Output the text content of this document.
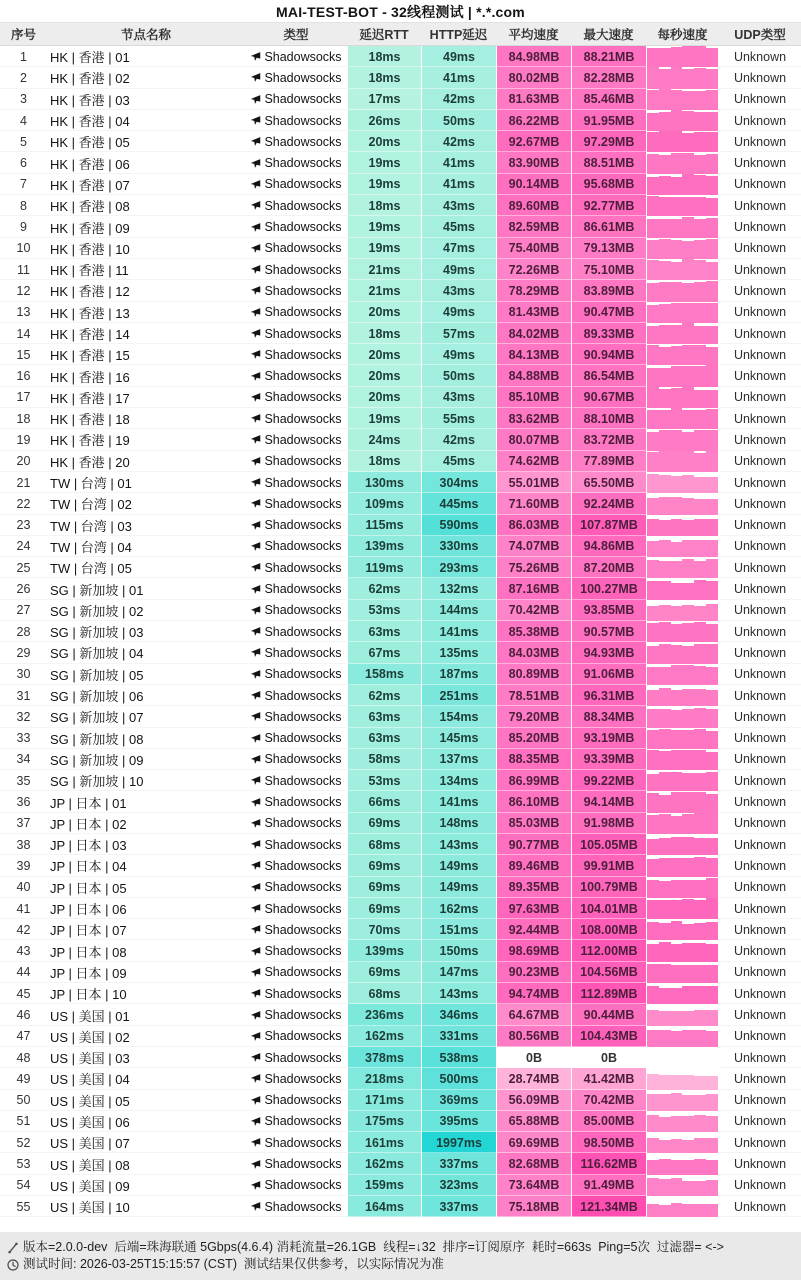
MAI-TEST-BOT - 32线程测试 | *.*.com
序号	节点名称	类型	延迟RTT	HTTP延迟	平均速度	最大速度	每秒速度	UDP类型
1	HK | 香港 | 01	Shadowsocks	18ms	49ms	84.98MB	88.21MB	Unknown
2	HK | 香港 | 02	Shadowsocks	18ms	41ms	80.02MB	82.28MB	Unknown
3	HK | 香港 | 03	Shadowsocks	17ms	42ms	81.63MB	85.46MB	Unknown
4	HK | 香港 | 04	Shadowsocks	26ms	50ms	86.22MB	91.95MB	Unknown
5	HK | 香港 | 05	Shadowsocks	20ms	42ms	92.67MB	97.29MB	Unknown
6	HK | 香港 | 06	Shadowsocks	19ms	41ms	83.90MB	88.51MB	Unknown
7	HK | 香港 | 07	Shadowsocks	19ms	41ms	90.14MB	95.68MB	Unknown
8	HK | 香港 | 08	Shadowsocks	18ms	43ms	89.60MB	92.77MB	Unknown
9	HK | 香港 | 09	Shadowsocks	19ms	45ms	82.59MB	86.61MB	Unknown
10	HK | 香港 | 10	Shadowsocks	19ms	47ms	75.40MB	79.13MB	Unknown
11	HK | 香港 | 11	Shadowsocks	21ms	49ms	72.26MB	75.10MB	Unknown
12	HK | 香港 | 12	Shadowsocks	21ms	43ms	78.29MB	83.89MB	Unknown
13	HK | 香港 | 13	Shadowsocks	20ms	49ms	81.43MB	90.47MB	Unknown
14	HK | 香港 | 14	Shadowsocks	18ms	57ms	84.02MB	89.33MB	Unknown
15	HK | 香港 | 15	Shadowsocks	20ms	49ms	84.13MB	90.94MB	Unknown
16	HK | 香港 | 16	Shadowsocks	20ms	50ms	84.88MB	86.54MB	Unknown
17	HK | 香港 | 17	Shadowsocks	20ms	43ms	85.10MB	90.67MB	Unknown
18	HK | 香港 | 18	Shadowsocks	19ms	55ms	83.62MB	88.10MB	Unknown
19	HK | 香港 | 19	Shadowsocks	24ms	42ms	80.07MB	83.72MB	Unknown
20	HK | 香港 | 20	Shadowsocks	18ms	45ms	74.62MB	77.89MB	Unknown
21	TW | 台湾 | 01	Shadowsocks	130ms	304ms	55.01MB	65.50MB	Unknown
22	TW | 台湾 | 02	Shadowsocks	109ms	445ms	71.60MB	92.24MB	Unknown
23	TW | 台湾 | 03	Shadowsocks	115ms	590ms	86.03MB	107.87MB	Unknown
24	TW | 台湾 | 04	Shadowsocks	139ms	330ms	74.07MB	94.86MB	Unknown
25	TW | 台湾 | 05	Shadowsocks	119ms	293ms	75.26MB	87.20MB	Unknown
26	SG | 新加坡 | 01	Shadowsocks	62ms	132ms	87.16MB	100.27MB	Unknown
27	SG | 新加坡 | 02	Shadowsocks	53ms	144ms	70.42MB	93.85MB	Unknown
28	SG | 新加坡 | 03	Shadowsocks	63ms	141ms	85.38MB	90.57MB	Unknown
29	SG | 新加坡 | 04	Shadowsocks	67ms	135ms	84.03MB	94.93MB	Unknown
30	SG | 新加坡 | 05	Shadowsocks	158ms	187ms	80.89MB	91.06MB	Unknown
31	SG | 新加坡 | 06	Shadowsocks	62ms	251ms	78.51MB	96.31MB	Unknown
32	SG | 新加坡 | 07	Shadowsocks	63ms	154ms	79.20MB	88.34MB	Unknown
33	SG | 新加坡 | 08	Shadowsocks	63ms	145ms	85.20MB	93.19MB	Unknown
34	SG | 新加坡 | 09	Shadowsocks	58ms	137ms	88.35MB	93.39MB	Unknown
35	SG | 新加坡 | 10	Shadowsocks	53ms	134ms	86.99MB	99.22MB	Unknown
36	JP | 日本 | 01	Shadowsocks	66ms	141ms	86.10MB	94.14MB	Unknown
37	JP | 日本 | 02	Shadowsocks	69ms	148ms	85.03MB	91.98MB	Unknown
38	JP | 日本 | 03	Shadowsocks	68ms	143ms	90.77MB	105.05MB	Unknown
39	JP | 日本 | 04	Shadowsocks	69ms	149ms	89.46MB	99.91MB	Unknown
40	JP | 日本 | 05	Shadowsocks	69ms	149ms	89.35MB	100.79MB	Unknown
41	JP | 日本 | 06	Shadowsocks	69ms	162ms	97.63MB	104.01MB	Unknown
42	JP | 日本 | 07	Shadowsocks	70ms	151ms	92.44MB	108.00MB	Unknown
43	JP | 日本 | 08	Shadowsocks	139ms	150ms	98.69MB	112.00MB	Unknown
44	JP | 日本 | 09	Shadowsocks	69ms	147ms	90.23MB	104.56MB	Unknown
45	JP | 日本 | 10	Shadowsocks	68ms	143ms	94.74MB	112.89MB	Unknown
46	US | 美国 | 01	Shadowsocks	236ms	346ms	64.67MB	90.44MB	Unknown
47	US | 美国 | 02	Shadowsocks	162ms	331ms	80.56MB	104.43MB	Unknown
48	US | 美国 | 03	Shadowsocks	378ms	538ms	0B	0B	Unknown
49	US | 美国 | 04	Shadowsocks	218ms	500ms	28.74MB	41.42MB	Unknown
50	US | 美国 | 05	Shadowsocks	171ms	369ms	56.09MB	70.42MB	Unknown
51	US | 美国 | 06	Shadowsocks	175ms	395ms	65.88MB	85.00MB	Unknown
52	US | 美国 | 07	Shadowsocks	161ms	1997ms	69.69MB	98.50MB	Unknown
53	US | 美国 | 08	Shadowsocks	162ms	337ms	82.68MB	116.62MB	Unknown
54	US | 美国 | 09	Shadowsocks	159ms	323ms	73.64MB	91.49MB	Unknown
55	US | 美国 | 10	Shadowsocks	164ms	337ms	75.18MB	121.34MB	Unknown
版本=2.0.0-dev  后端=珠海联通 5Gbps(4.6.4) 消耗流量=26.1GB  线程=↓32  排序=订阅原序  耗时=663s  Ping=5次  过滤器= <->
测试时间: 2026-03-25T15:15:57 (CST)  测试结果仅供参考，以实际情况为准
